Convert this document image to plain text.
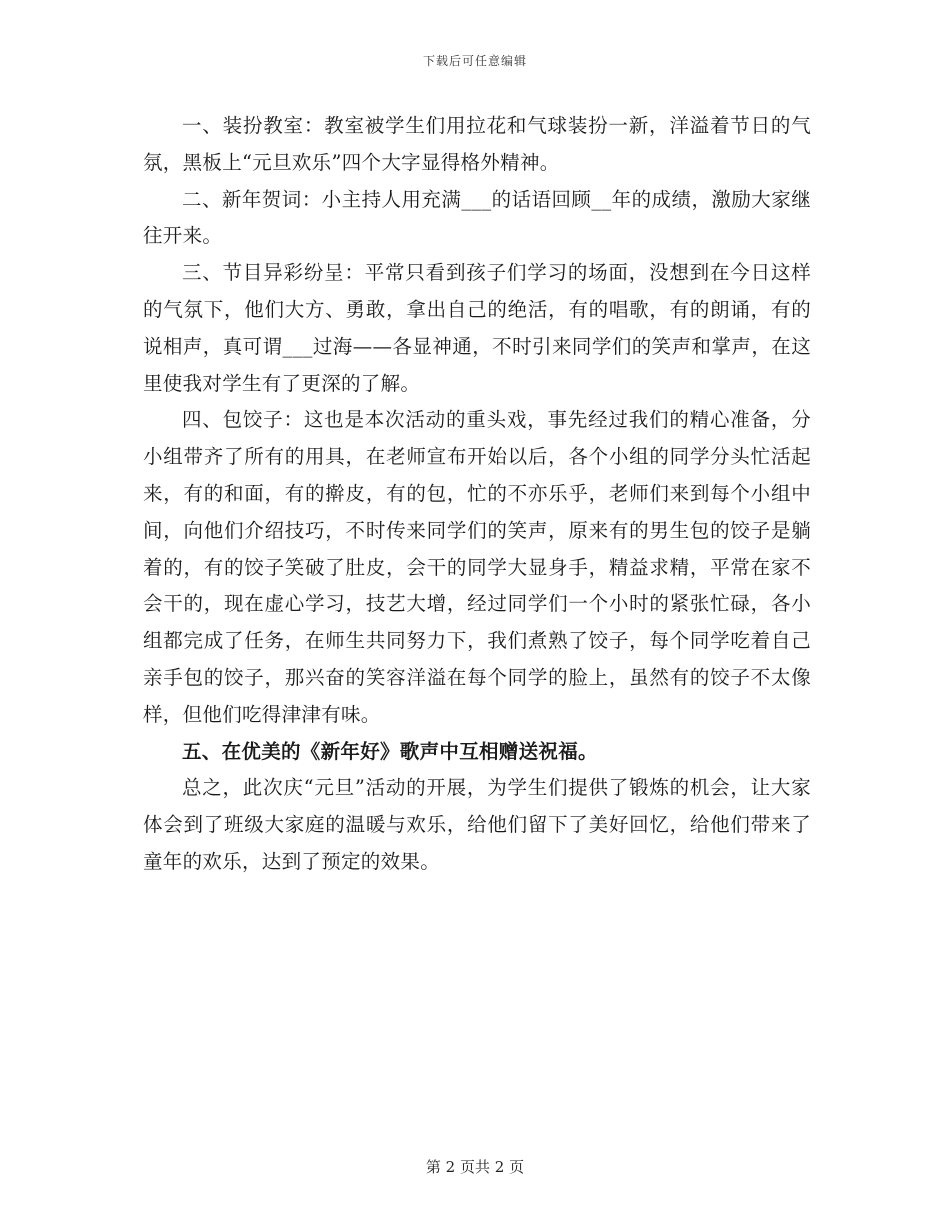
下载后可任意编辑

一、装扮教室：教室被学生们用拉花和气球装扮一新，洋溢着节日的气氛，黑板上“元旦欢乐”四个大字显得格外精神。

二、新年贺词：小主持人用充满___的话语回顾__年的成绩，激励大家继往开来。

三、节目异彩纷呈：平常只看到孩子们学习的场面，没想到在今日这样的气氛下，他们大方、勇敢，拿出自己的绝活，有的唱歌，有的朗诵，有的说相声，真可谓___过海——各显神通，不时引来同学们的笑声和掌声，在这里使我对学生有了更深的了解。

四、包饺子：这也是本次活动的重头戏，事先经过我们的精心准备，分小组带齐了所有的用具，在老师宣布开始以后，各个小组的同学分头忙活起来，有的和面，有的擀皮，有的包，忙的不亦乐乎，老师们来到每个小组中间，向他们介绍技巧，不时传来同学们的笑声，原来有的男生包的饺子是躺着的，有的饺子笑破了肚皮，会干的同学大显身手，精益求精，平常在家不会干的，现在虚心学习，技艺大增，经过同学们一个小时的紧张忙碌，各小组都完成了任务，在师生共同努力下，我们煮熟了饺子，每个同学吃着自己亲手包的饺子，那兴奋的笑容洋溢在每个同学的脸上，虽然有的饺子不太像样，但他们吃得津津有味。

五、在优美的《新年好》歌声中互相赠送祝福。

总之，此次庆“元旦”活动的开展，为学生们提供了锻炼的机会，让大家体会到了班级大家庭的温暖与欢乐，给他们留下了美好回忆，给他们带来了童年的欢乐，达到了预定的效果。

第 2 页共 2 页
